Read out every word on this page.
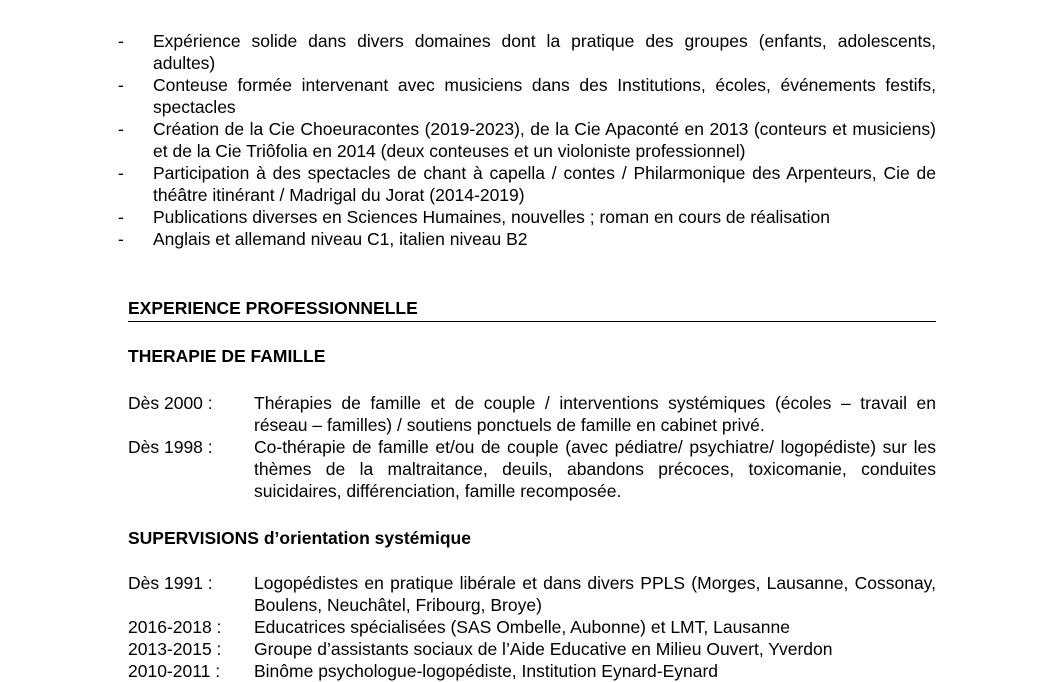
-	Expérience solide dans divers domaines dont la pratique des groupes (enfants, adolescents, adultes)
-	Conteuse formée intervenant avec musiciens dans des Institutions, écoles, événements festifs, spectacles
-	Création de la Cie Choeuracontes (2019-2023), de la Cie Apaconté en 2013 (conteurs et musiciens) et de la Cie Triôfolia en 2014 (deux conteuses et un violoniste professionnel)
-	Participation à des spectacles de chant à capella / contes / Philarmonique des Arpenteurs, Cie de théâtre itinérant / Madrigal du Jorat (2014-2019)
-	Publications diverses en Sciences Humaines, nouvelles ; roman en cours de réalisation
-	Anglais et allemand niveau C1, italien niveau B2
EXPERIENCE PROFESSIONNELLE
THERAPIE DE FAMILLE
Dès 2000 :	Thérapies de famille et de couple / interventions systémiques (écoles – travail en réseau – familles) / soutiens ponctuels de famille en cabinet privé.
Dès 1998 :	Co-thérapie de famille et/ou de couple (avec pédiatre/ psychiatre/ logopédiste) sur les thèmes de la maltraitance, deuils, abandons précoces, toxicomanie, conduites suicidaires, différenciation, famille recomposée.
SUPERVISIONS d’orientation systémique
Dès 1991 :	Logopédistes en pratique libérale et dans divers PPLS (Morges, Lausanne, Cossonay, Boulens, Neuchâtel, Fribourg, Broye)
2016-2018 :	Educatrices spécialisées (SAS Ombelle, Aubonne) et LMT, Lausanne
2013-2015 :	Groupe d’assistants sociaux de l’Aide Educative en Milieu Ouvert, Yverdon
2010-2011 :	Binôme psychologue-logopédiste, Institution Eynard-Eynard
